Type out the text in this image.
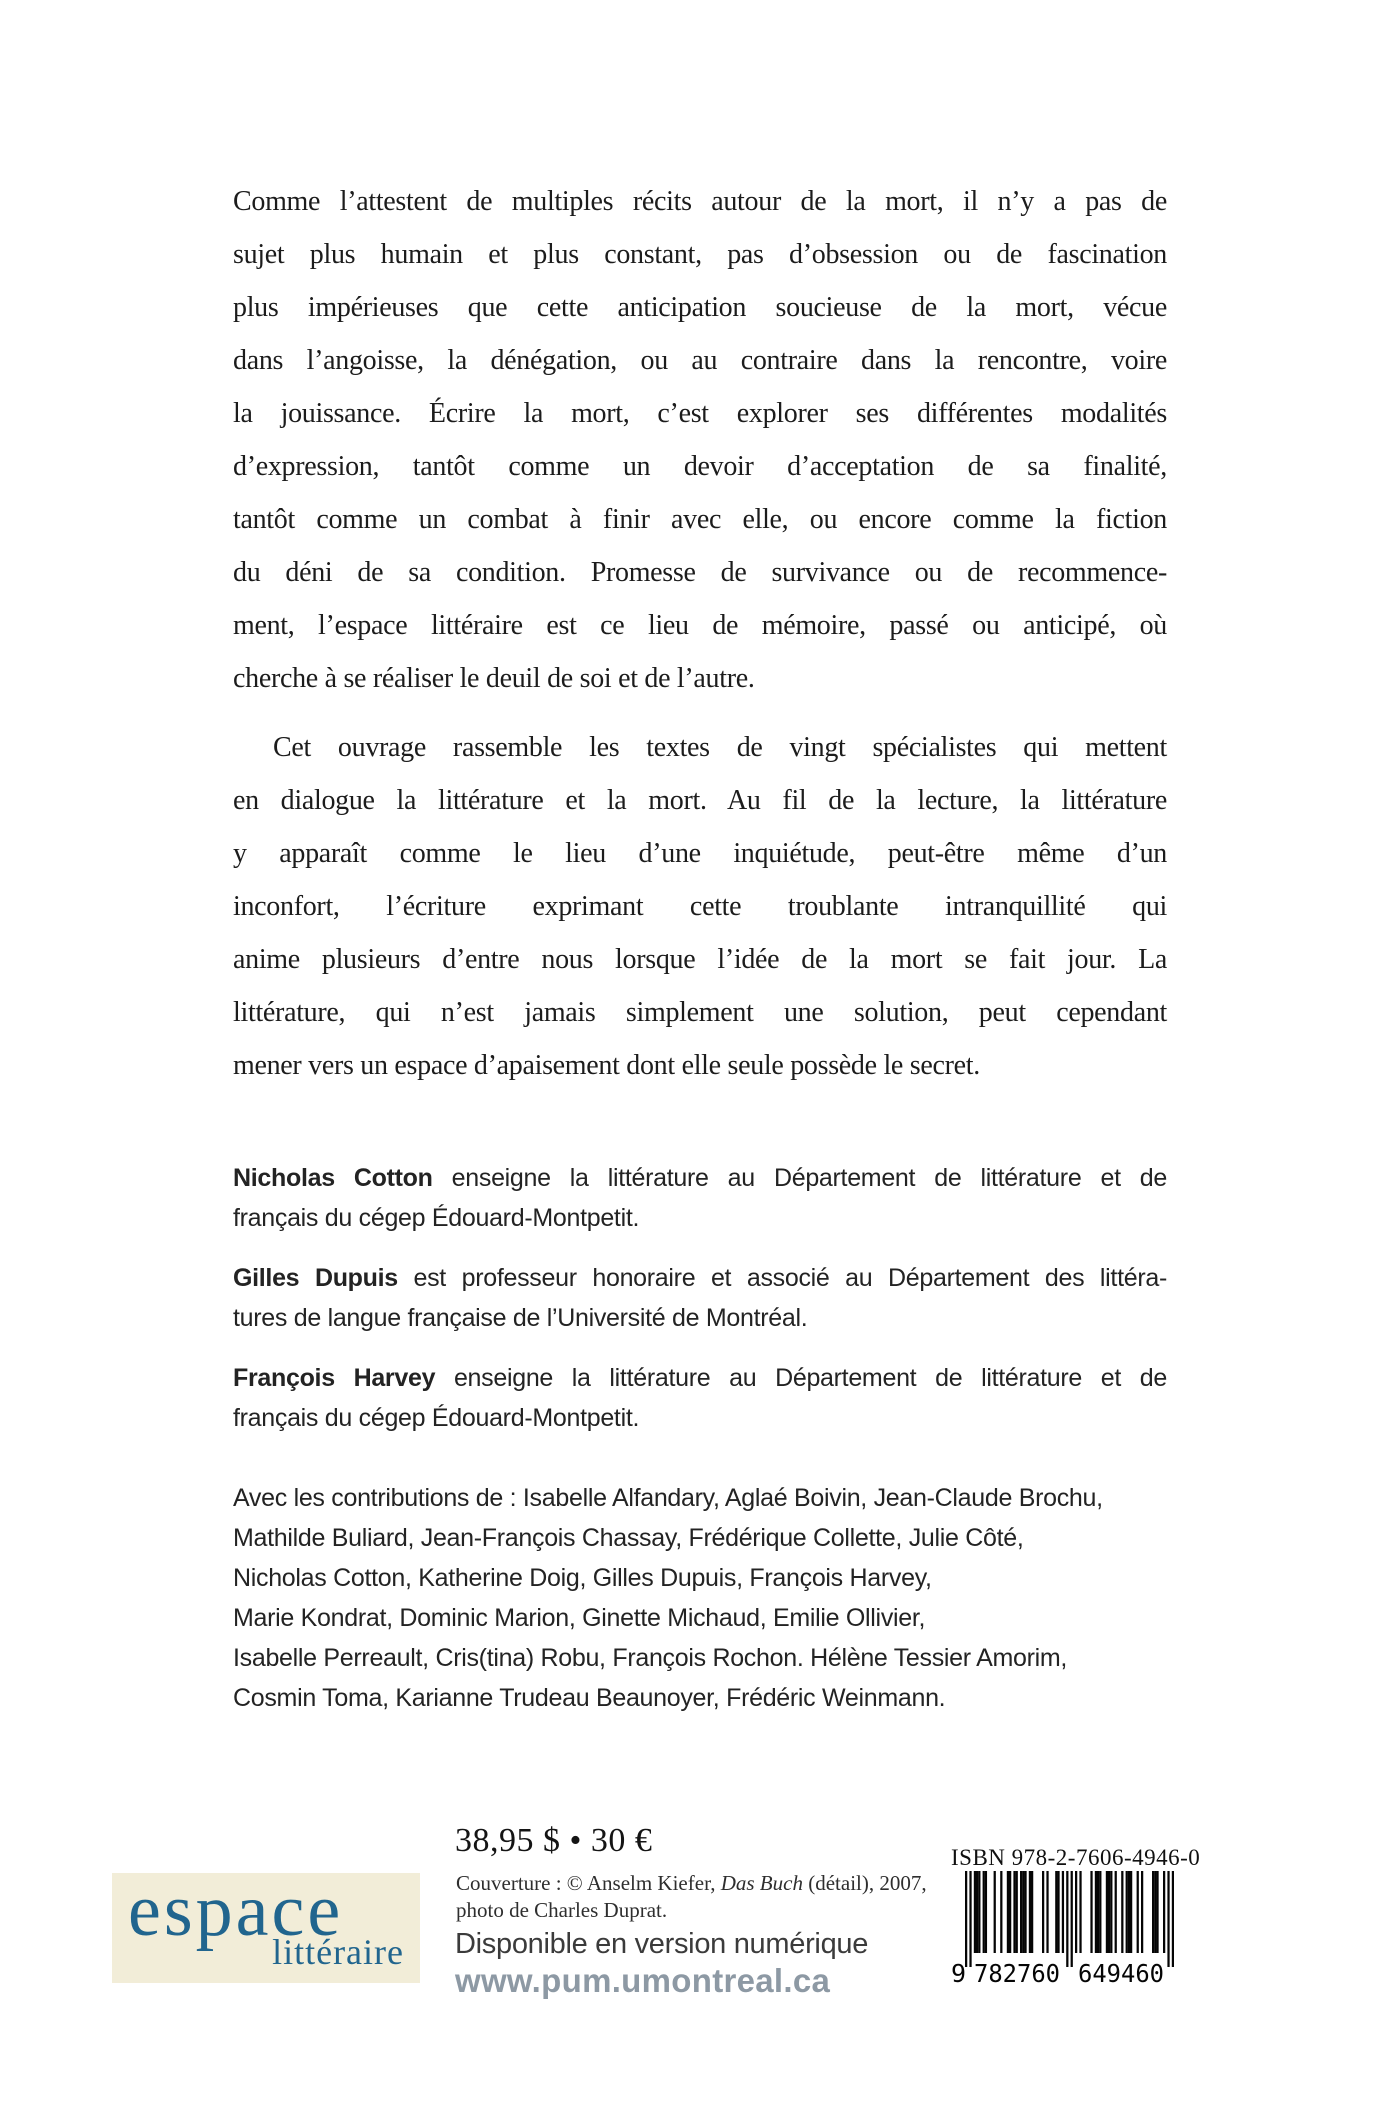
Comme l’attestent de multiples récits autour de la mort, il n’y a pas de
sujet plus humain et plus constant, pas d’obsession ou de fascination
plus impérieuses que cette anticipation soucieuse de la mort, vécue
dans l’angoisse, la dénégation, ou au contraire dans la rencontre, voire
la jouissance. Écrire la mort, c’est explorer ses différentes modalités
d’expression, tantôt comme un devoir d’acceptation de sa finalité,
tantôt comme un combat à finir avec elle, ou encore comme la fiction
du déni de sa condition. Promesse de survivance ou de recommence-
ment, l’espace littéraire est ce lieu de mémoire, passé ou anticipé, où
cherche à se réaliser le deuil de soi et de l’autre.
Cet ouvrage rassemble les textes de vingt spécialistes qui mettent
en dialogue la littérature et la mort. Au fil de la lecture, la littérature
y apparaît comme le lieu d’une inquiétude, peut-être même d’un
inconfort, l’écriture exprimant cette troublante intranquillité qui
anime plusieurs d’entre nous lorsque l’idée de la mort se fait jour. La
littérature, qui n’est jamais simplement une solution, peut cependant
mener vers un espace d’apaisement dont elle seule possède le secret.
Nicholas Cotton enseigne la littérature au Département de littérature et de
français du cégep Édouard-Montpetit.
Gilles Dupuis est professeur honoraire et associé au Département des littéra-
tures de langue française de l’Université de Montréal.
François Harvey enseigne la littérature au Département de littérature et de
français du cégep Édouard-Montpetit.
Avec les contributions de : Isabelle Alfandary, Aglaé Boivin, Jean-Claude Brochu,
Mathilde Buliard, Jean-François Chassay, Frédérique Collette, Julie Côté,
Nicholas Cotton, Katherine Doig, Gilles Dupuis, François Harvey,
Marie Kondrat, Dominic Marion, Ginette Michaud, Emilie Ollivier,
Isabelle Perreault, Cris(tina) Robu, François Rochon. Hélène Tessier Amorim,
Cosmin Toma, Karianne Trudeau Beaunoyer, Frédéric Weinmann.
38,95 $ • 30 €
Couverture : © Anselm Kiefer, Das Buch (détail), 2007,
photo de Charles Duprat.
Disponible en version numérique
www.pum.umontreal.ca
espace
littéraire
ISBN 978-2-7606-4946-0
9 782760 649460
